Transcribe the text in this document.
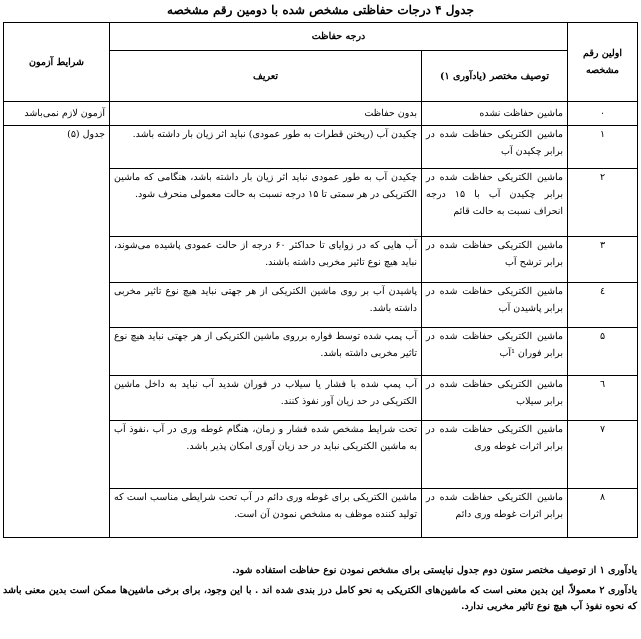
جدول ۴ درجات حفاظتی مشخص شده با دومین رقم مشخصه
اولین رقم مشخصه	درجه حفاظت		شرایط آزمون
	توصیف مختصر (یادآوری ۱)	تعریف	
۰	ماشین حفاظت نشده	بدون حفاظت	آزمون لازم نمی‌باشد
۱	ماشین الکتریکی حفاظت شده در برابر چکیدن آب	چکیدن آب (ریختن قطرات به طور عمودی) نباید اثر زیان بار داشته باشد.	جدول (۵)
۲	ماشین الکتریکی حفاظت شده در برابر چکیدن آب با ۱۵ درجه انحراف نسبت به حالت قائم	چکیدن آب به طور عمودی نباید اثر زیان بار داشته باشد، هنگامی که ماشین الکتریکی در هر سمتی تا ۱۵ درجه نسبت به حالت معمولی منحرف شود.	
۳	ماشین الکتریکی حفاظت شده در برابر ترشح آب	آب هایی که در زوایای تا حداکثر ۶۰ درجه از حالت عمودی پاشیده می‌شوند، نباید هیچ نوع تاثیر مخربی داشته باشند.	
٤	ماشین الکتریکی حفاظت شده در برابر پاشیدن آب	پاشیدن آب بر روی ماشین الکتریکی از هر جهتی نباید هیچ نوع تاثیر مخربی داشته باشد.	
۵	ماشین الکتریکی حفاظت شده در برابر فوران ¹آب	آب پمپ شده توسط فواره برروی ماشین الکتریکی از هر جهتی نباید هیچ نوع تاثیر مخربی داشته باشد.	
٦	ماشین الکتریکی حفاظت شده در برابر سیلاب	آب پمپ شده با فشار یا سیلاب در فوران شدید آب نباید به داخل ماشین الکتریکی در حد زیان آور نفوذ کنند.	
۷	ماشین الکتریکی حفاظت شده در برابر اثرات غوطه وری	تحت شرایط مشخص شده فشار و زمان، هنگام غوطه وری در آب ،نفوذ آب به ماشین الکتریکی نباید در حد زیان آوری امکان پذیر باشد.	
۸	ماشین الکتریکی حفاظت شده در برابر اثرات غوطه وری دائم	ماشین الکتریکی برای غوطه وری دائم در آب تحت شرایطی مناسب است که تولید کننده موظف به مشخص نمودن آن است.	
یادآوری ۱ از توصیف مختصر ستون دوم جدول نبایستی برای مشخص نمودن نوع حفاظت استفاده شود.
یادآوری ۲ معمولاً، این بدین معنی است که ماشین‌های الکتریکی به نحو کامل درز بندی شده اند . با این وجود، برای برخی ماشین‌ها ممکن است بدین معنی باشد که نحوه نفوذ آب هیچ نوع تاثیر مخربی ندارد.
